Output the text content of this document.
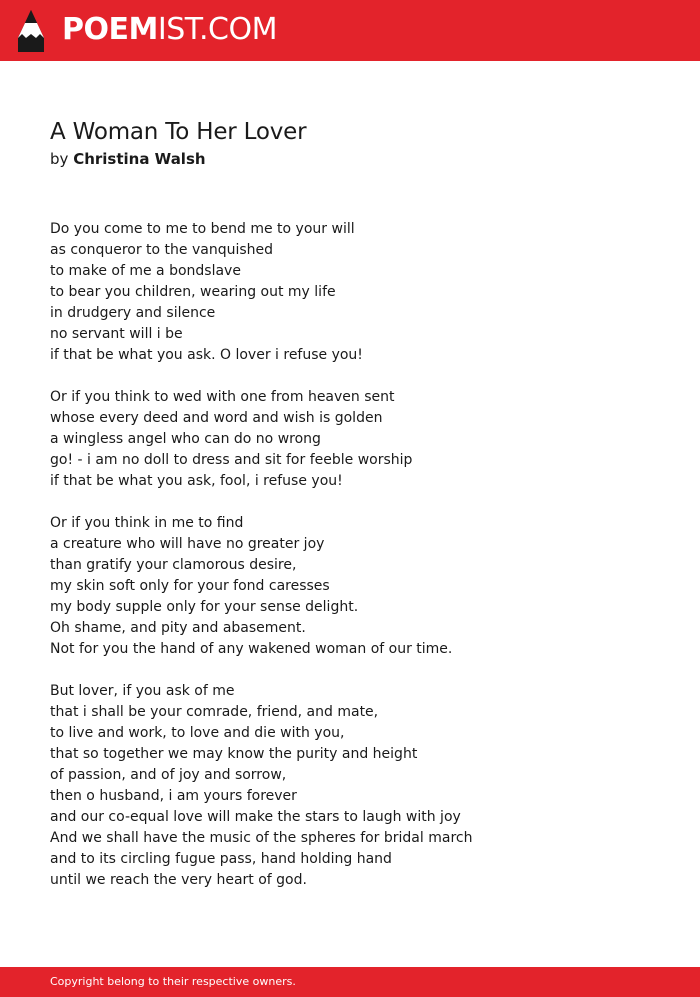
POEMIST.COM
A Woman To Her Lover
by Christina Walsh
Do you come to me to bend me to your will
as conqueror to the vanquished
to make of me a bondslave
to bear you children, wearing out my life
in drudgery and silence
no servant will i be
if that be what you ask. O lover i refuse you!
Or if you think to wed with one from heaven sent
whose every deed and word and wish is golden
a wingless angel who can do no wrong
go! - i am no doll to dress and sit for feeble worship
if that be what you ask, fool, i refuse you!
Or if you think in me to find
a creature who will have no greater joy
than gratify your clamorous desire,
my skin soft only for your fond caresses
my body supple only for your sense delight.
Oh shame, and pity and abasement.
Not for you the hand of any wakened woman of our time.
But lover, if you ask of me
that i shall be your comrade, friend, and mate,
to live and work, to love and die with you,
that so together we may know the purity and height
of passion, and of joy and sorrow,
then o husband, i am yours forever
and our co-equal love will make the stars to laugh with joy
And we shall have the music of the spheres for bridal march
and to its circling fugue pass, hand holding hand
until we reach the very heart of god.
Copyright belong to their respective owners.
